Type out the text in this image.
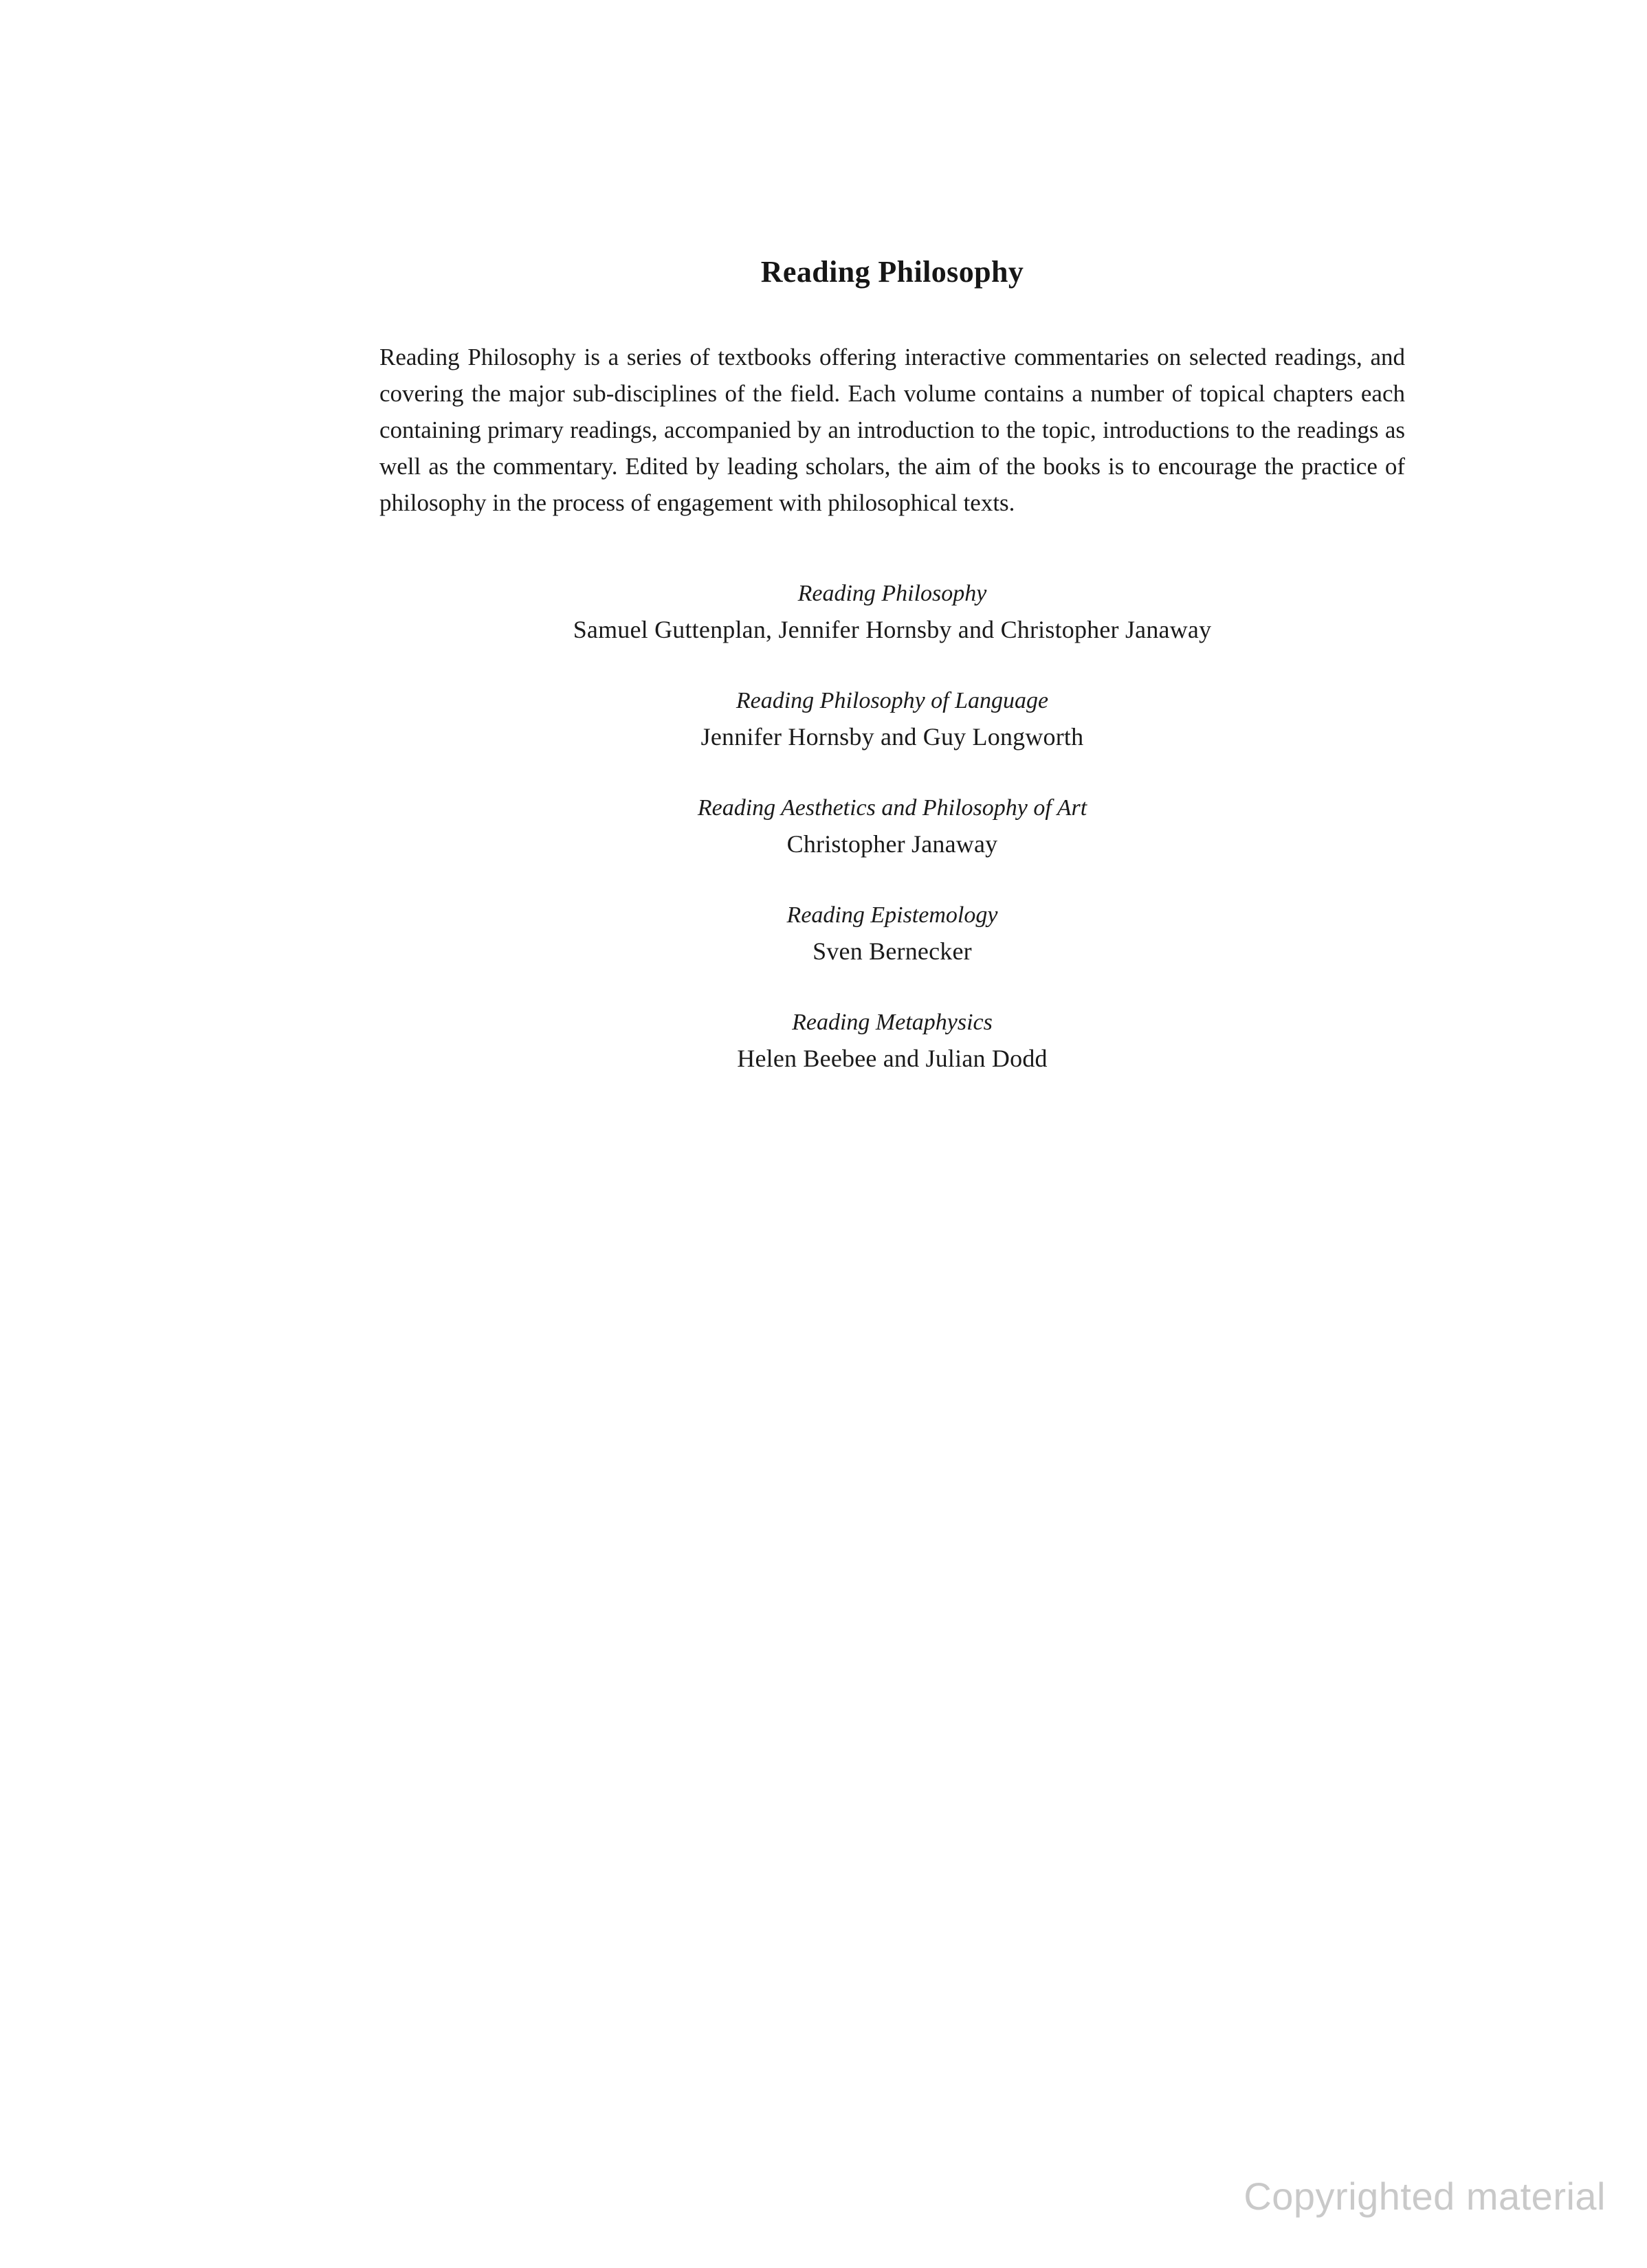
Reading Philosophy

Reading Philosophy is a series of textbooks offering interactive commentaries on selected readings, and covering the major sub-disciplines of the field. Each volume contains a number of topical chapters each containing primary readings, accompanied by an introduction to the topic, introductions to the readings as well as the commentary. Edited by leading scholars, the aim of the books is to encourage the practice of philosophy in the process of engagement with philosophical texts.

Reading Philosophy
Samuel Guttenplan, Jennifer Hornsby and Christopher Janaway
Reading Philosophy of Language
Jennifer Hornsby and Guy Longworth
Reading Aesthetics and Philosophy of Art
Christopher Janaway
Reading Epistemology
Sven Bernecker
Reading Metaphysics
Helen Beebee and Julian Dodd
Copyrighted material
